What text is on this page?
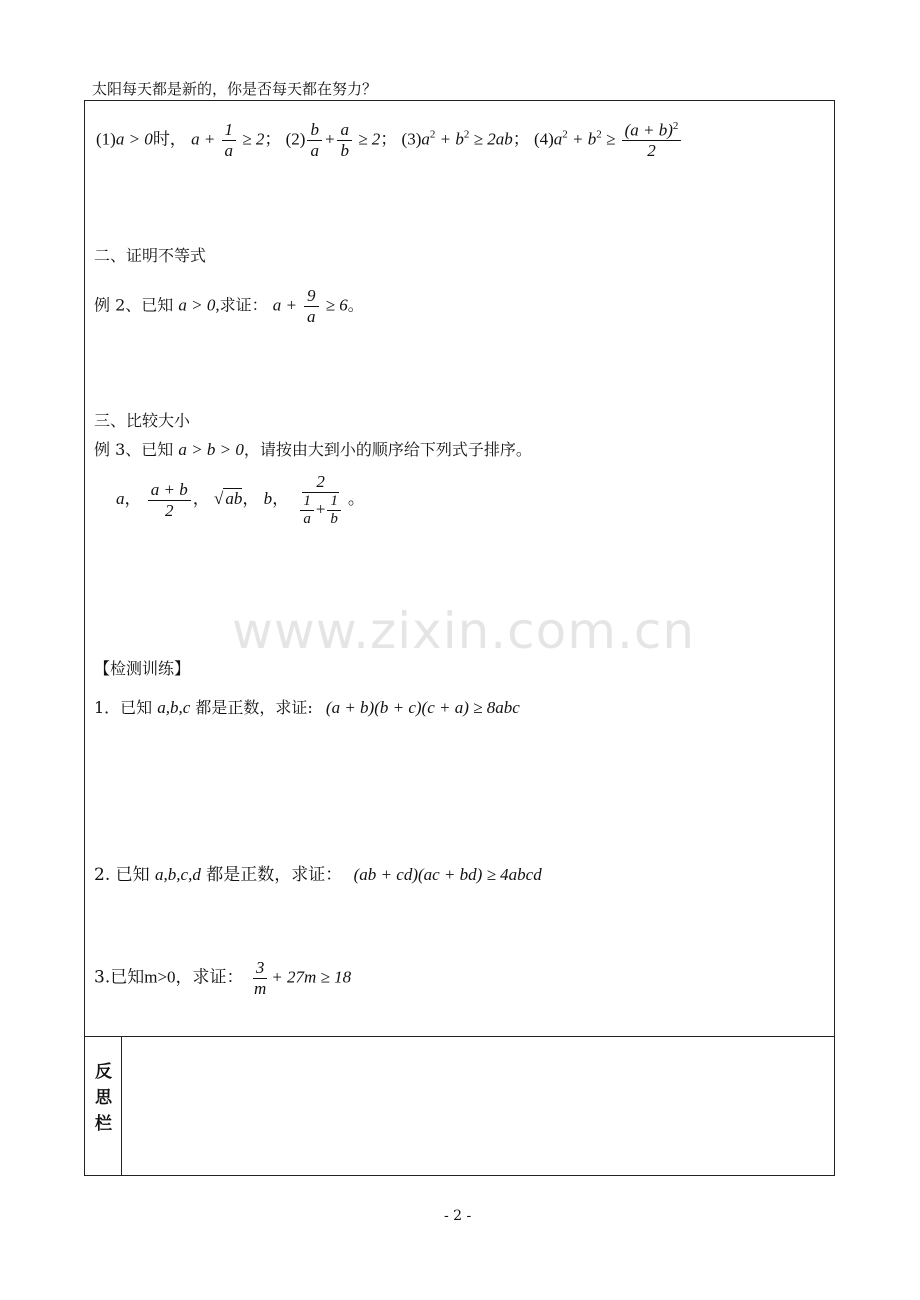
太阳每天都是新的，你是否每天都在努力？
(1)a > 0时， $a + \frac{1}{a} \ge 2$； $(2) \frac{b}{a} + \frac{a}{b} \ge 2$； $(3)a^2 + b^2 \ge 2ab$； $(4)a^2 + b^2 \ge \frac{(a + b)^2}{2}$
二、证明不等式
例 2、已知 a > 0,求证： $a + \frac{9}{a} \ge 6$。
三、比较大小
例 3、已知 a > b > 0，请按由大到小的顺序给下列式子排序。
a， $\frac{a + b}{2}$ ， √ ab， b， $\frac{2}{\frac{1}{a} + \frac{1}{b}}$ 。
www.zixin.com.cn
【检测训练】
1．已知 a,b,c 都是正数，求证: (a + b)(b + c)(c + a) ≥ 8abc
2. 已知 a,b,c,d 都是正数，求证： (ab + cd)(ac + bd) ≥ 4abcd
3.已知m>0，求证： $\frac{3}{m} + 27m \ge 18$
反
思
栏
- 2 -
